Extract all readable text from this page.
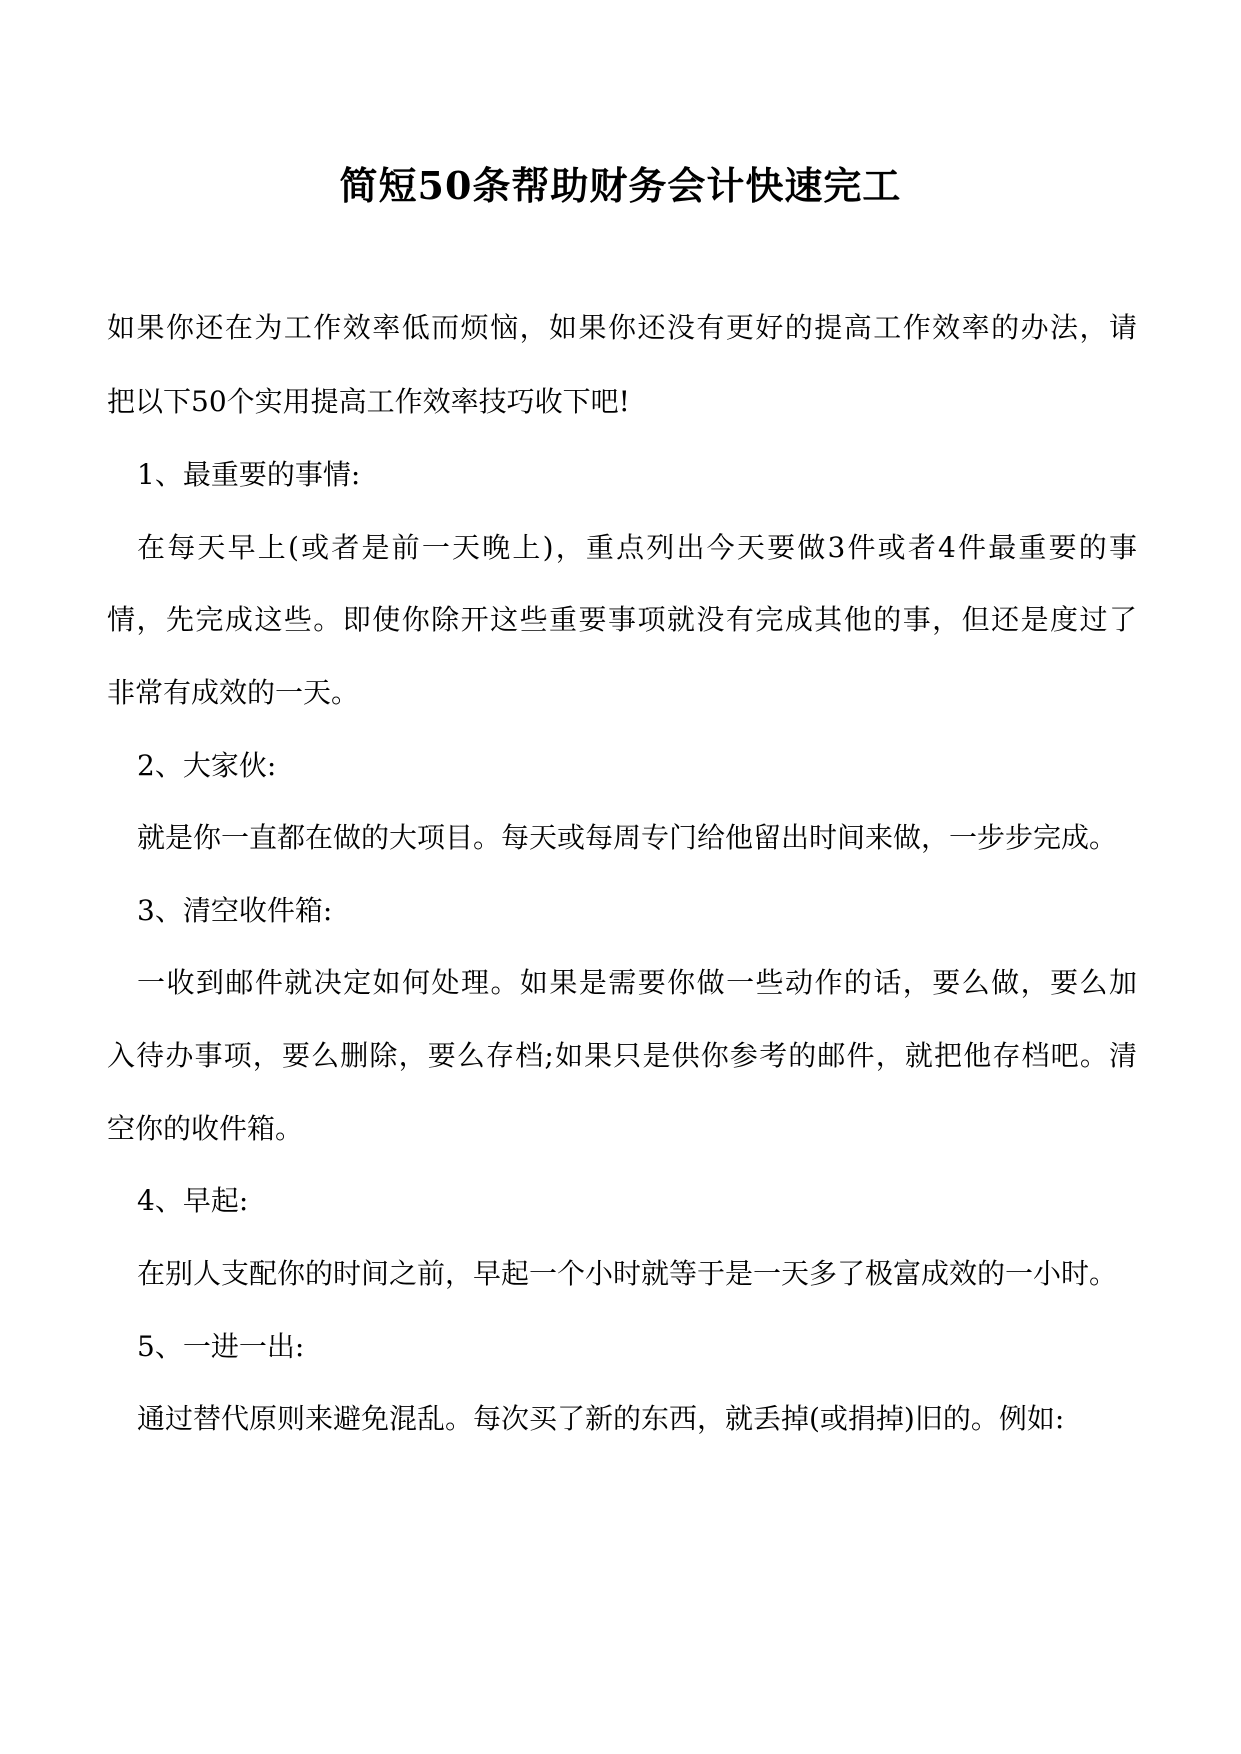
简短50条帮助财务会计快速完工
如果你还在为工作效率低而烦恼，如果你还没有更好的提高工作效率的办法，请
把以下50个实用提高工作效率技巧收下吧!
1、最重要的事情:
在每天早上(或者是前一天晚上)，重点列出今天要做3件或者4件最重要的事
情，先完成这些。即使你除开这些重要事项就没有完成其他的事，但还是度过了
非常有成效的一天。
2、大家伙:
就是你一直都在做的大项目。每天或每周专门给他留出时间来做，一步步完成。
3、清空收件箱:
一收到邮件就决定如何处理。如果是需要你做一些动作的话，要么做，要么加
入待办事项，要么删除，要么存档;如果只是供你参考的邮件，就把他存档吧。清
空你的收件箱。
4、早起:
在别人支配你的时间之前，早起一个小时就等于是一天多了极富成效的一小时。
5、一进一出:
通过替代原则来避免混乱。每次买了新的东西，就丢掉(或捐掉)旧的。例如:
